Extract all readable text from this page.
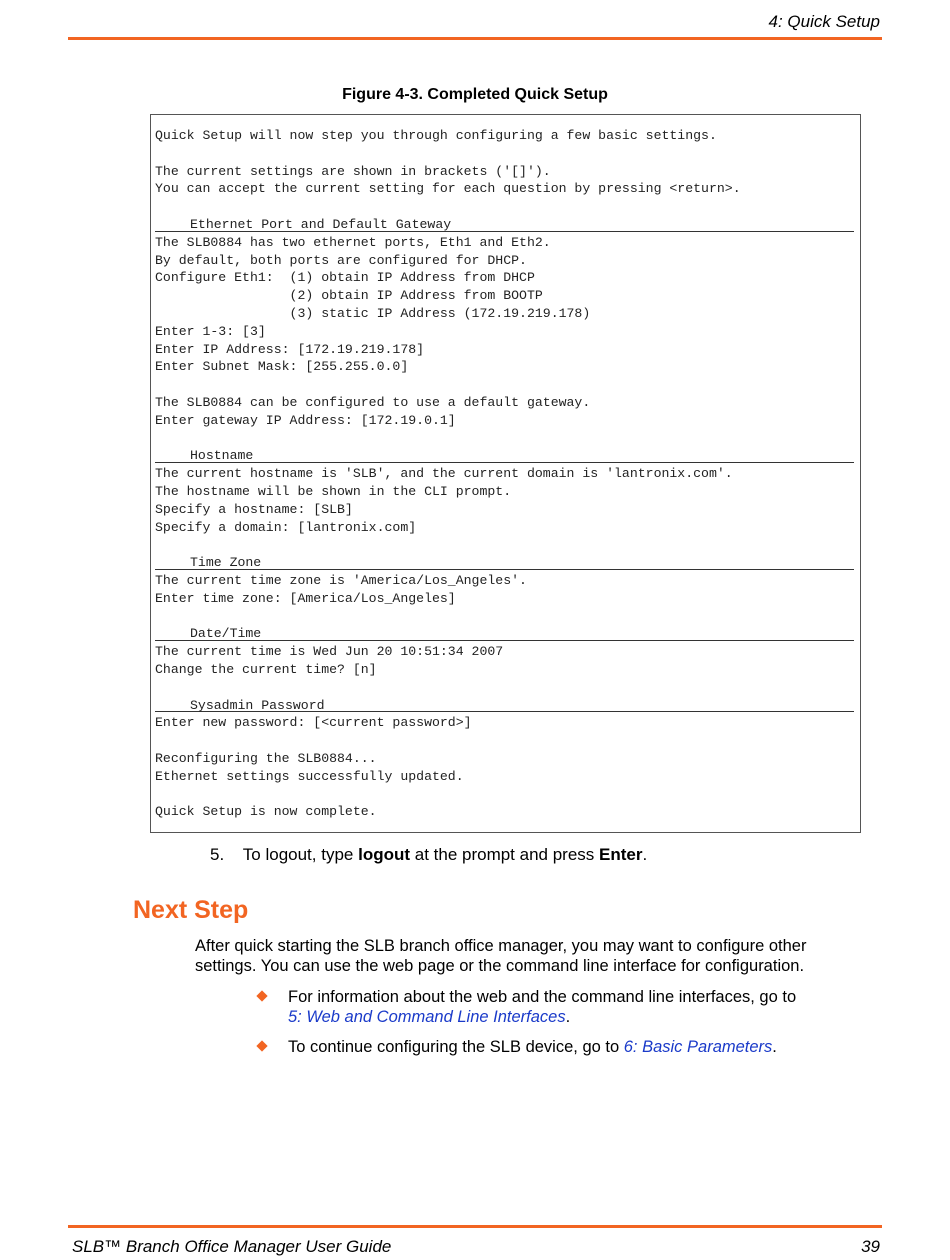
4: Quick Setup
Figure 4-3. Completed Quick Setup
Quick Setup will now step you through configuring a few basic settings.
The current settings are shown in brackets ('[]').
You can accept the current setting for each question by pressing <return>.
Ethernet Port and Default Gateway
The SLB0884 has two ethernet ports, Eth1 and Eth2.
By default, both ports are configured for DHCP.
Configure Eth1:  (1) obtain IP Address from DHCP
(2) obtain IP Address from BOOTP
(3) static IP Address (172.19.219.178)
Enter 1-3: [3]
Enter IP Address: [172.19.219.178]
Enter Subnet Mask: [255.255.0.0]
The SLB0884 can be configured to use a default gateway.
Enter gateway IP Address: [172.19.0.1]
Hostname
The current hostname is 'SLB', and the current domain is 'lantronix.com'.
The hostname will be shown in the CLI prompt.
Specify a hostname: [SLB]
Specify a domain: [lantronix.com]
Time Zone
The current time zone is 'America/Los_Angeles'.
Enter time zone: [America/Los_Angeles]
Date/Time
The current time is Wed Jun 20 10:51:34 2007
Change the current time? [n]
Sysadmin Password
Enter new password: [<current password>]
Reconfiguring the SLB0884...
Ethernet settings successfully updated.
Quick Setup is now complete.
5. To logout, type logout at the prompt and press Enter.
Next Step
After quick starting the SLB branch office manager, you may want to configure other settings. You can use the web page or the command line interface for configuration.
For information about the web and the command line interfaces, go to
5: Web and Command Line Interfaces.
To continue configuring the SLB device, go to 6: Basic Parameters.
SLB™ Branch Office Manager User Guide	39
